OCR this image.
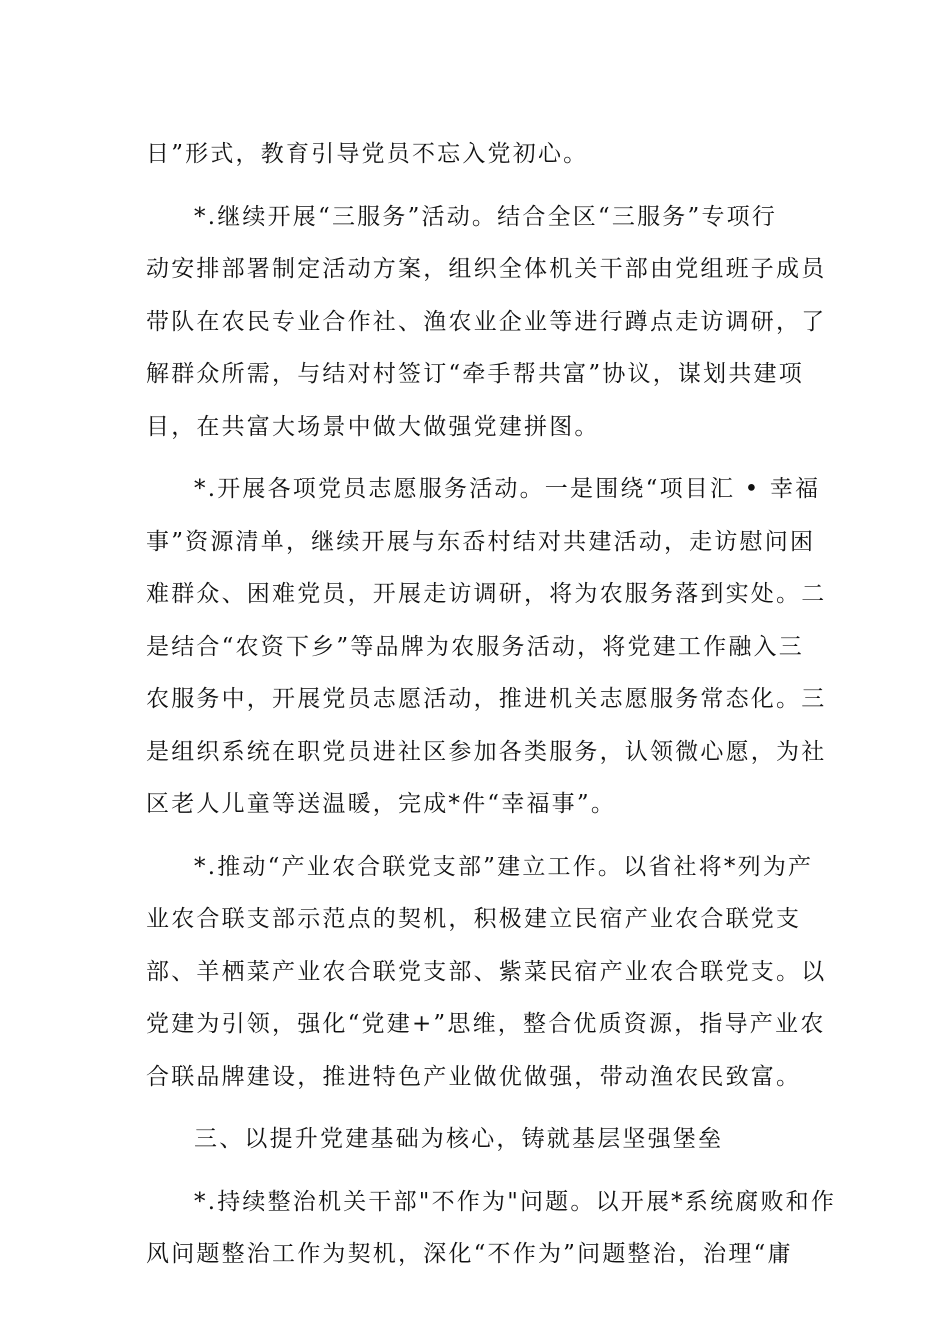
日”形式，教育引导党员不忘入党初心。
*.继续开展“三服务”活动。结合全区“三服务”专项行
动安排部署制定活动方案，组织全体机关干部由党组班子成员
带队在农民专业合作社、渔农业企业等进行蹲点走访调研，了
解群众所需，与结对村签订“牵手帮共富”协议，谋划共建项
目，在共富大场景中做大做强党建拼图。
*.开展各项党员志愿服务活动。一是围绕“项目汇 • 幸福
事”资源清单，继续开展与东岙村结对共建活动，走访慰问困
难群众、困难党员，开展走访调研，将为农服务落到实处。二
是结合“农资下乡”等品牌为农服务活动，将党建工作融入三
农服务中，开展党员志愿活动，推进机关志愿服务常态化。三
是组织系统在职党员进社区参加各类服务，认领微心愿，为社
区老人儿童等送温暖，完成*件“幸福事”。
*.推动“产业农合联党支部”建立工作。以省社将*列为产
业农合联支部示范点的契机，积极建立民宿产业农合联党支
部、羊栖菜产业农合联党支部、紫菜民宿产业农合联党支。以
党建为引领，强化“党建+”思维，整合优质资源，指导产业农
合联品牌建设，推进特色产业做优做强，带动渔农民致富。
三、以提升党建基础为核心，铸就基层坚强堡垒
*.持续整治机关干部"不作为"问题。以开展*系统腐败和作
风问题整治工作为契机，深化“不作为”问题整治，治理“庸
